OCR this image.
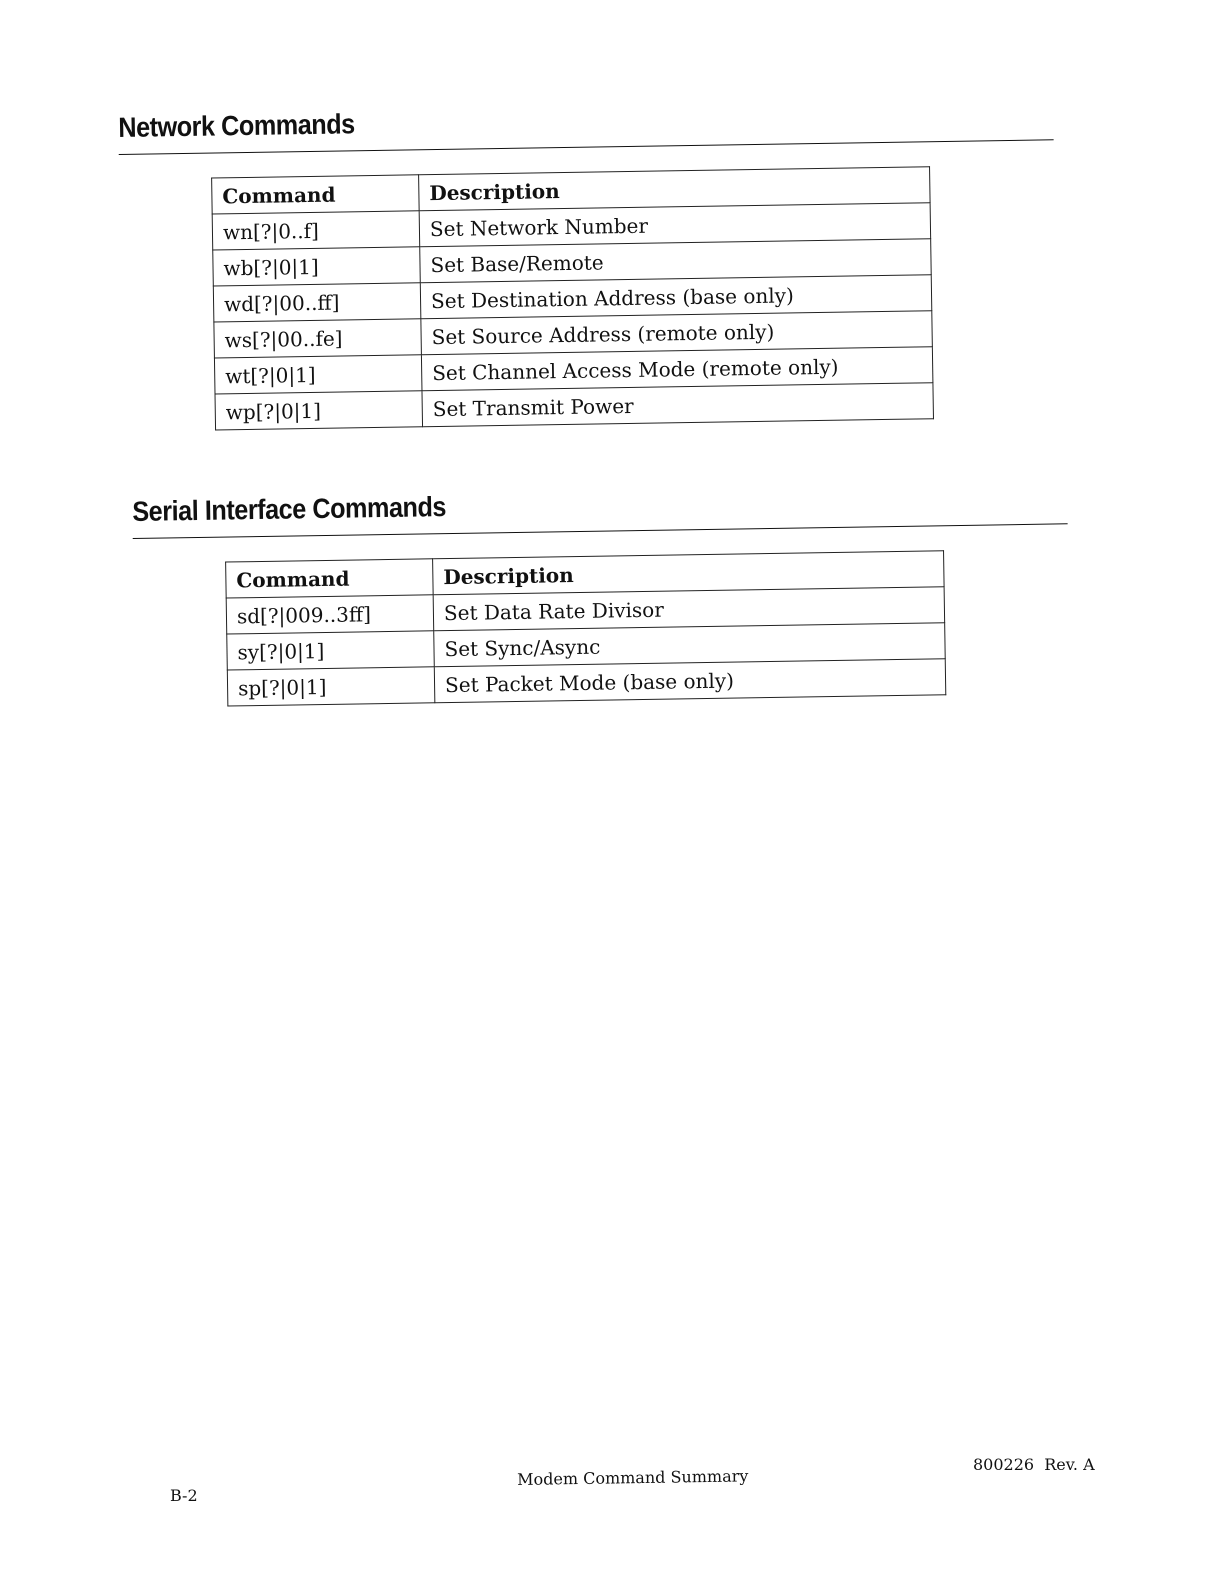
Network Commands
Command	Description
wn[?|0..f]	Set Network Number
wb[?|0|1]	Set Base/Remote
wd[?|00..ff]	Set Destination Address (base only)
ws[?|00..fe]	Set Source Address (remote only)
wt[?|0|1]	Set Channel Access Mode (remote only)
wp[?|0|1]	Set Transmit Power
Serial Interface Commands
Command	Description
sd[?|009..3ff]	Set Data Rate Divisor
sy[?|0|1]	Set Sync/Async
sp[?|0|1]	Set Packet Mode (base only)
B-2
Modem Command Summary
800226 Rev. A
